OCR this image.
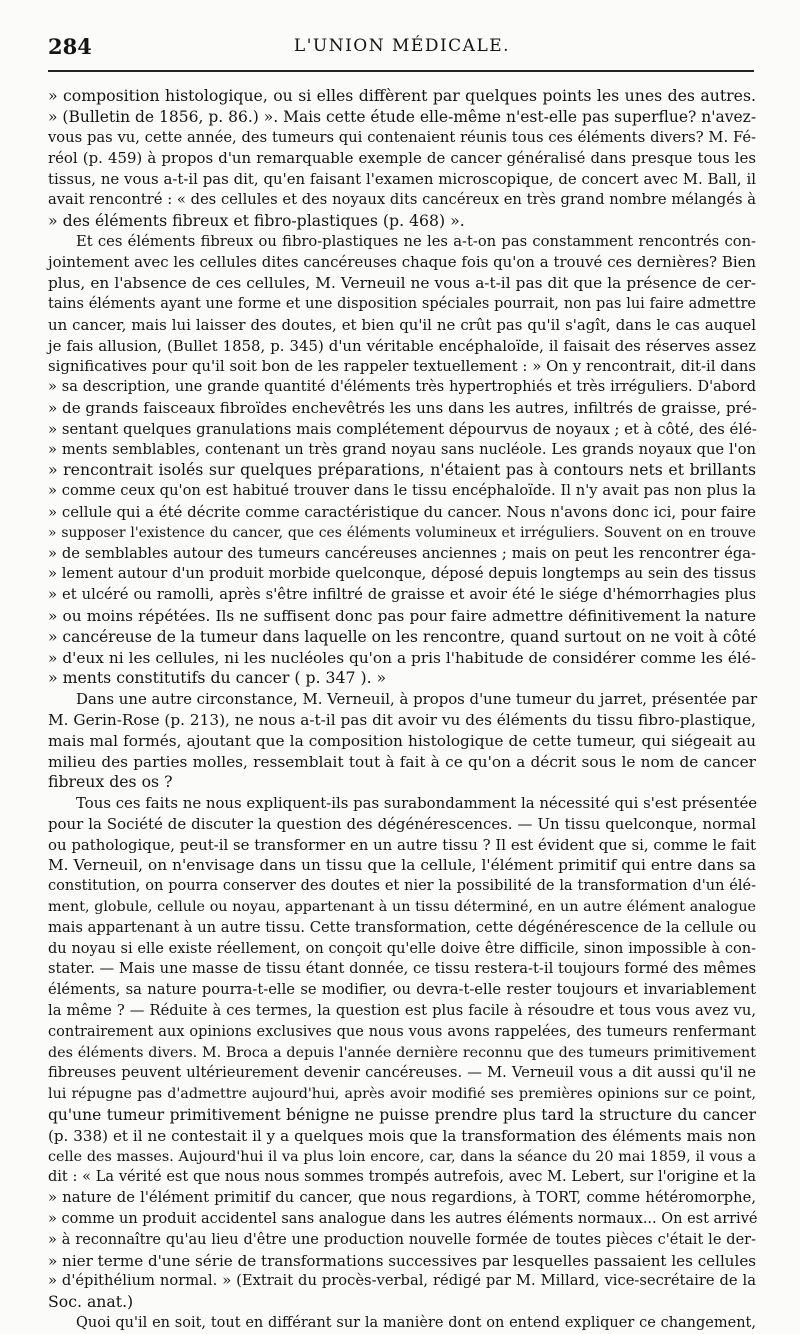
284	L'UNION MÉDICALE.

» composition histologique, ou si elles diffèrent par quelques points les unes des autres.

» (Bulletin de 1856, p. 86.) ». Mais cette étude elle-même n'est-elle pas superflue? n'avez-

vous pas vu, cette année, des tumeurs qui contenaient réunis tous ces éléments divers? M. Fé-

réol (p. 459) à propos d'un remarquable exemple de cancer généralisé dans presque tous les

tissus, ne vous a-t-il pas dit, qu'en faisant l'examen microscopique, de concert avec M. Ball, il

avait rencontré : « des cellules et des noyaux dits cancéreux en très grand nombre mélangés à

» des éléments fibreux et fibro-plastiques (p. 468) ».

Et ces éléments fibreux ou fibro-plastiques ne les a-t-on pas constamment rencontrés con-

jointement avec les cellules dites cancéreuses chaque fois qu'on a trouvé ces dernières? Bien

plus, en l'absence de ces cellules, M. Verneuil ne vous a-t-il pas dit que la présence de cer-

tains éléments ayant une forme et une disposition spéciales pourrait, non pas lui faire admettre

un cancer, mais lui laisser des doutes, et bien qu'il ne crût pas qu'il s'agît, dans le cas auquel

je fais allusion, (Bullet 1858, p. 345) d'un véritable encéphaloïde, il faisait des réserves assez

significatives pour qu'il soit bon de les rappeler textuellement : » On y rencontrait, dit-il dans

» sa description, une grande quantité d'éléments très hypertrophiés et très irréguliers. D'abord

» de grands faisceaux fibroïdes enchevêtrés les uns dans les autres, infiltrés de graisse, pré-

» sentant quelques granulations mais complétement dépourvus de noyaux ; et à côté, des élé-

» ments semblables, contenant un très grand noyau sans nucléole. Les grands noyaux que l'on

» rencontrait isolés sur quelques préparations, n'étaient pas à contours nets et brillants

» comme ceux qu'on est habitué trouver dans le tissu encéphaloïde. Il n'y avait pas non plus la

» cellule qui a été décrite comme caractéristique du cancer. Nous n'avons donc ici, pour faire

» supposer l'existence du cancer, que ces éléments volumineux et irréguliers. Souvent on en trouve

» de semblables autour des tumeurs cancéreuses anciennes ; mais on peut les rencontrer éga-

» lement autour d'un produit morbide quelconque, déposé depuis longtemps au sein des tissus

» et ulcéré ou ramolli, après s'être infiltré de graisse et avoir été le siége d'hémorrhagies plus

» ou moins répétées. Ils ne suffisent donc pas pour faire admettre définitivement la nature

» cancéreuse de la tumeur dans laquelle on les rencontre, quand surtout on ne voit à côté

» d'eux ni les cellules, ni les nucléoles qu'on a pris l'habitude de considérer comme les élé-

» ments constitutifs du cancer ( p. 347 ). »

Dans une autre circonstance, M. Verneuil, à propos d'une tumeur du jarret, présentée par

M. Gerin-Rose (p. 213), ne nous a-t-il pas dit avoir vu des éléments du tissu fibro-plastique,

mais mal formés, ajoutant que la composition histologique de cette tumeur, qui siégeait au

milieu des parties molles, ressemblait tout à fait à ce qu'on a décrit sous le nom de cancer

fibreux des os ?

Tous ces faits ne nous expliquent-ils pas surabondamment la nécessité qui s'est présentée

pour la Société de discuter la question des dégénérescences. — Un tissu quelconque, normal

ou pathologique, peut-il se transformer en un autre tissu ? Il est évident que si, comme le fait

M. Verneuil, on n'envisage dans un tissu que la cellule, l'élément primitif qui entre dans sa

constitution, on pourra conserver des doutes et nier la possibilité de la transformation d'un élé-

ment, globule, cellule ou noyau, appartenant à un tissu déterminé, en un autre élément analogue

mais appartenant à un autre tissu. Cette transformation, cette dégénérescence de la cellule ou

du noyau si elle existe réellement, on conçoit qu'elle doive être difficile, sinon impossible à con-

stater. — Mais une masse de tissu étant donnée, ce tissu restera-t-il toujours formé des mêmes

éléments, sa nature pourra-t-elle se modifier, ou devra-t-elle rester toujours et invariablement

la même ? — Réduite à ces termes, la question est plus facile à résoudre et tous vous avez vu,

contrairement aux opinions exclusives que nous vous avons rappelées, des tumeurs renfermant

des éléments divers. M. Broca a depuis l'année dernière reconnu que des tumeurs primitivement

fibreuses peuvent ultérieurement devenir cancéreuses. — M. Verneuil vous a dit aussi qu'il ne

lui répugne pas d'admettre aujourd'hui, après avoir modifié ses premières opinions sur ce point,

qu'une tumeur primitivement bénigne ne puisse prendre plus tard la structure du cancer

(p. 338) et il ne contestait il y a quelques mois que la transformation des éléments mais non

celle des masses. Aujourd'hui il va plus loin encore, car, dans la séance du 20 mai 1859, il vous a

dit : « La vérité est que nous nous sommes trompés autrefois, avec M. Lebert, sur l'origine et la

» nature de l'élément primitif du cancer, que nous regardions, à TORT, comme hétéromorphe,

» comme un produit accidentel sans analogue dans les autres éléments normaux... On est arrivé

» à reconnaître qu'au lieu d'être une production nouvelle formée de toutes pièces c'était le der-

» nier terme d'une série de transformations successives par lesquelles passaient les cellules

» d'épithélium normal. » (Extrait du procès-verbal, rédigé par M. Millard, vice-secrétaire de la

Soc. anat.)

Quoi qu'il en soit, tout en différant sur la manière dont on entend expliquer ce changement,
